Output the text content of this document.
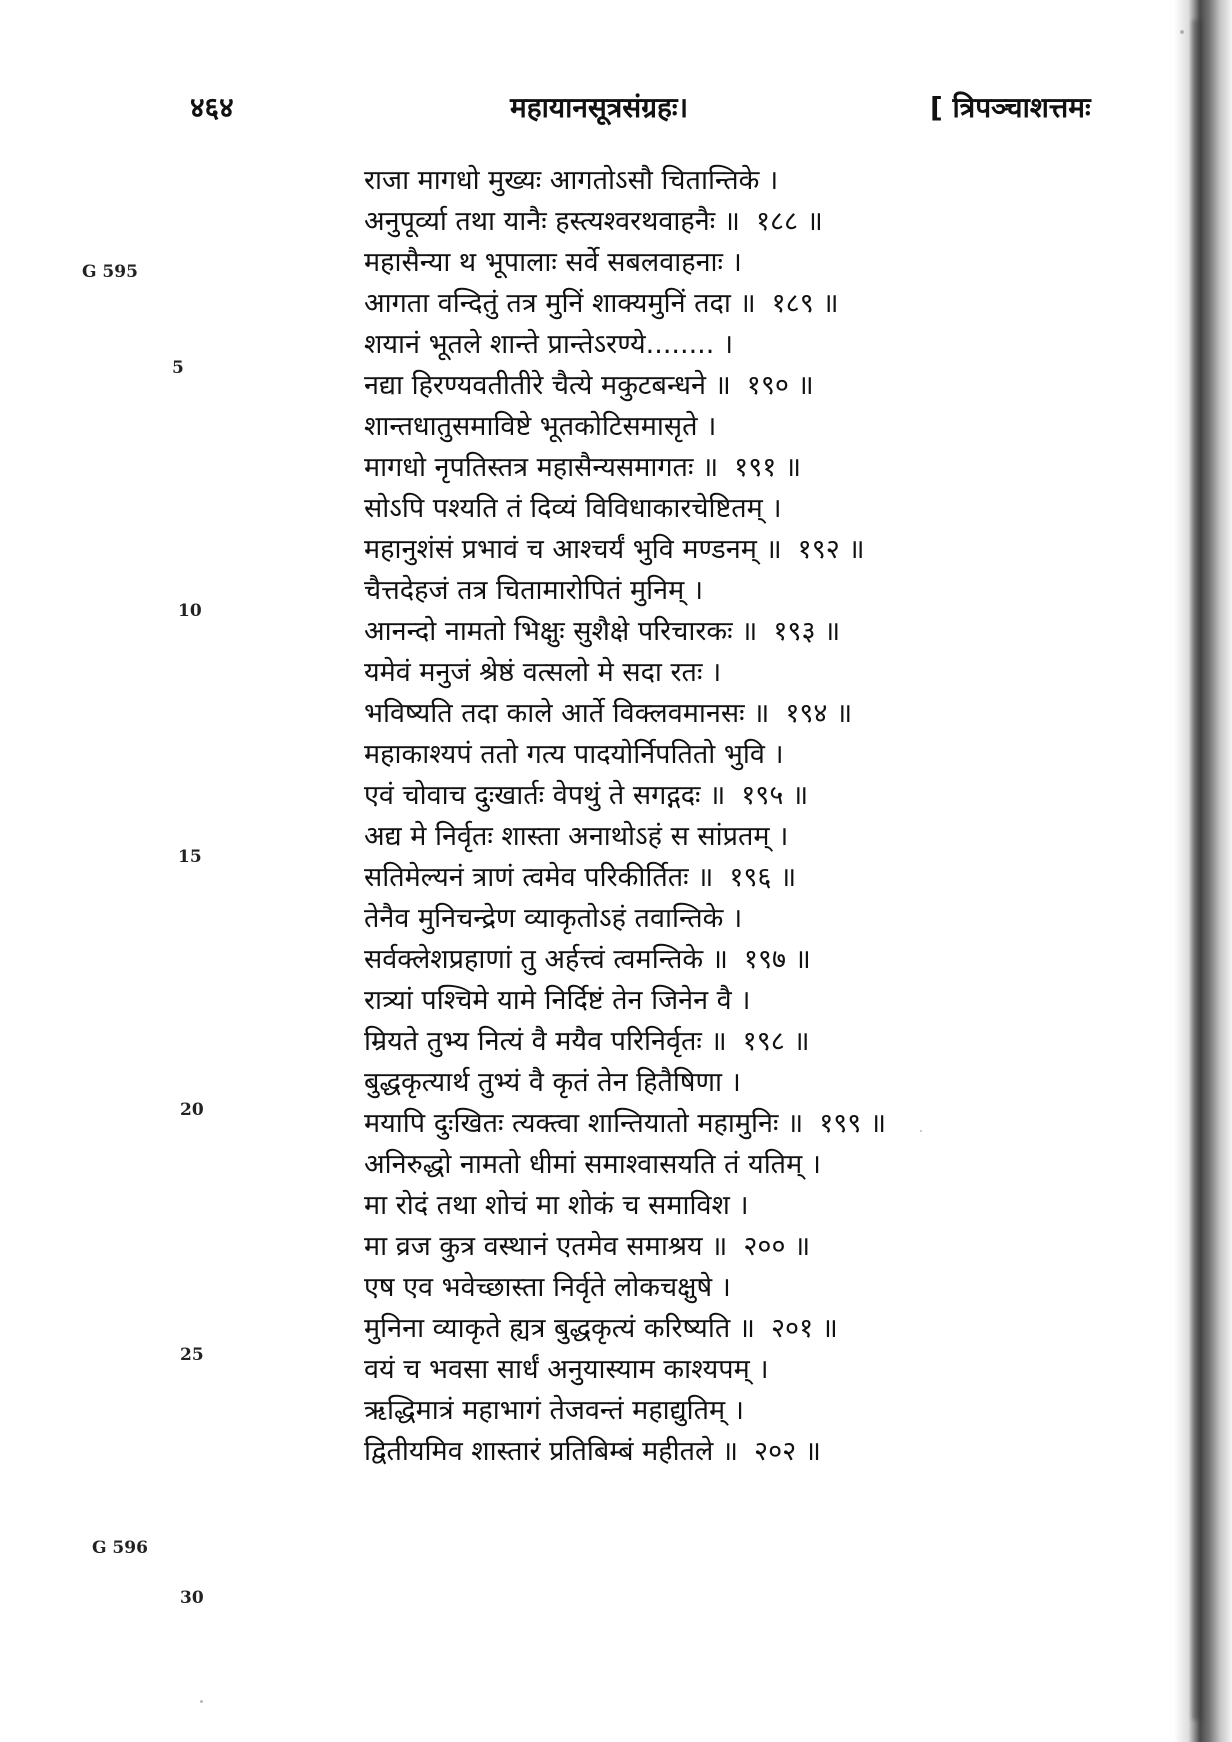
४६४	महायानसूत्रसंग्रहः।	[ त्रिपञ्चाशत्तमः
G 595
G 596
5
10
15
20
25
30
राजा मागधो मुख्यः आगतोऽसौ चितान्तिके ।
अनुपूर्व्या तथा यानैः हस्त्यश्वरथवाहनैः ॥ १८८ ॥
महासैन्या थ भूपालाः सर्वे सबलवाहनाः ।
आगता वन्दितुं तत्र मुनिं शाक्यमुनिं तदा ॥ १८९ ॥
शयानं भूतले शान्ते प्रान्तेऽरण्ये........ ।
नद्या हिरण्यवतीतीरे चैत्ये मकुटबन्धने ॥ १९० ॥
शान्तधातुसमाविष्टे भूतकोटिसमासृते ।
मागधो नृपतिस्तत्र महासैन्यसमागतः ॥ १९१ ॥
सोऽपि पश्यति तं दिव्यं विविधाकारचेष्टितम् ।
महानुशंसं प्रभावं च आश्चर्यं भुवि मण्डनम् ॥ १९२ ॥
चैत्तदेहजं तत्र चितामारोपितं मुनिम् ।
आनन्दो नामतो भिक्षुः सुशैक्षे परिचारकः ॥ १९३ ॥
यमेवं मनुजं श्रेष्ठं वत्सलो मे सदा रतः ।
भविष्यति तदा काले आर्ते विक्लवमानसः ॥ १९४ ॥
महाकाश्यपं ततो गत्य पादयोर्निपतितो भुवि ।
एवं चोवाच दुःखार्तः वेपथुं ते सगद्गदः ॥ १९५ ॥
अद्य मे निर्वृतः शास्ता अनाथोऽहं स सांप्रतम् ।
सतिमेल्यनं त्राणं त्वमेव परिकीर्तितः ॥ १९६ ॥
तेनैव मुनिचन्द्रेण व्याकृतोऽहं तवान्तिके ।
सर्वक्लेशप्रहाणां तु अर्हत्त्वं त्वमन्तिके ॥ १९७ ॥
रात्र्यां पश्चिमे यामे निर्दिष्टं तेन जिनेन वै ।
म्रियते तुभ्य नित्यं वै मयैव परिनिर्वृतः ॥ १९८ ॥
बुद्धकृत्यार्थ तुभ्यं वै कृतं तेन हितैषिणा ।
मयापि दुःखितः त्यक्त्वा शान्तियातो महामुनिः ॥ १९९ ॥
अनिरुद्धो नामतो धीमां समाश्वासयति तं यतिम् ।
मा रोदं तथा शोचं मा शोकं च समाविश ।
मा व्रज कुत्र वस्थानं एतमेव समाश्रय ॥ २०० ॥
एष एव भवेच्छास्ता निर्वृते लोकचक्षुषे ।
मुनिना व्याकृते ह्यत्र बुद्धकृत्यं करिष्यति ॥ २०१ ॥
वयं च भवसा सार्धं अनुयास्याम काश्यपम् ।
ऋद्धिमात्रं महाभागं तेजवन्तं महाद्युतिम् ।
द्वितीयमिव शास्तारं प्रतिबिम्बं महीतले ॥ २०२ ॥
